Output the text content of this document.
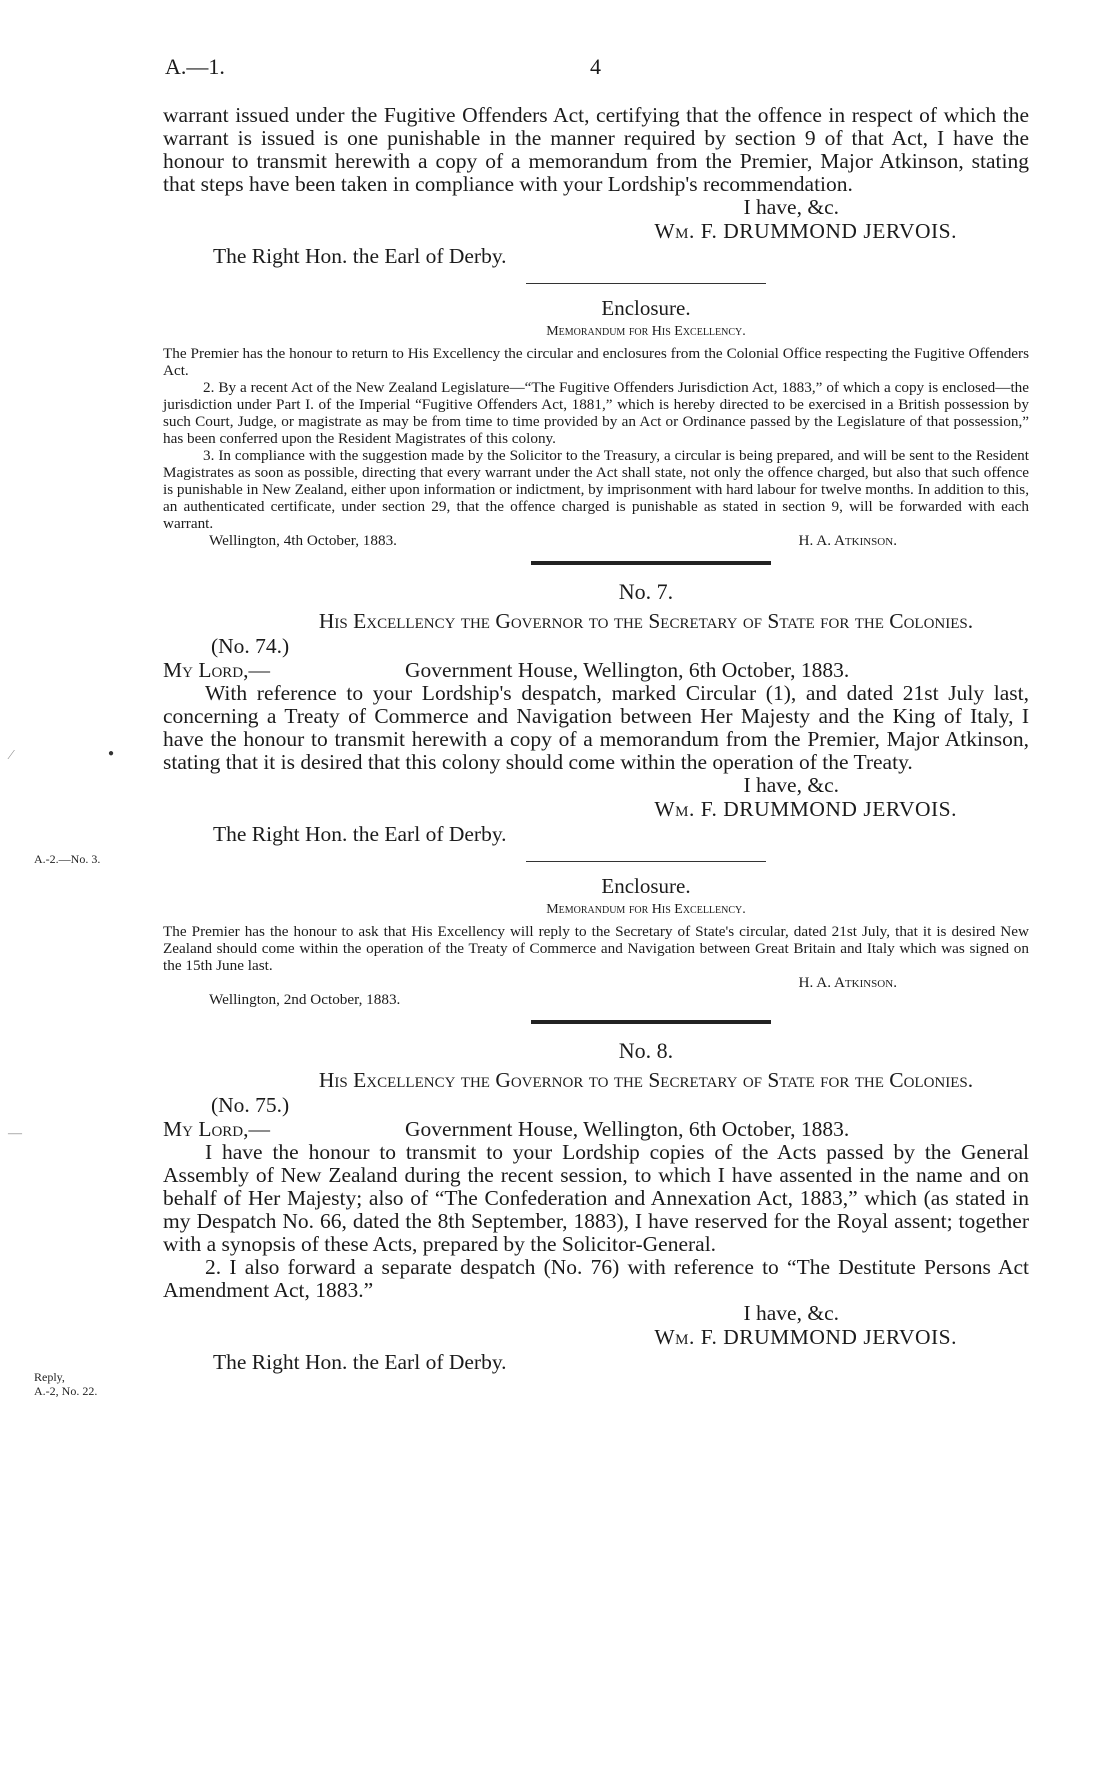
A.—1.	4
⁄	●
—
A.-2.—No. 3.
Reply,
A.-2, No. 22.

warrant issued under the Fugitive Offenders Act, certifying that the offence in respect of which the warrant is issued is one punishable in the manner required by section 9 of that Act, I have the honour to transmit herewith a copy of a memorandum from the Premier, Major Atkinson, stating that steps have been taken in compliance with your Lordship's recommendation.

I have, &c.

Wm. F. DRUMMOND JERVOIS.

The Right Hon. the Earl of Derby.

Enclosure.

Memorandum for His Excellency.

The Premier has the honour to return to His Excellency the circular and enclosures from the Colonial Office respecting the Fugitive Offenders Act.

2. By a recent Act of the New Zealand Legislature—“The Fugitive Offenders Jurisdiction Act, 1883,” of which a copy is enclosed—the jurisdiction under Part I. of the Imperial “Fugitive Offenders Act, 1881,” which is hereby directed to be exercised in a British possession by such Court, Judge, or magistrate as may be from time to time provided by an Act or Ordinance passed by the Legislature of that possession,” has been conferred upon the Resident Magistrates of this colony.

3. In compliance with the suggestion made by the Solicitor to the Treasury, a circular is being prepared, and will be sent to the Resident Magistrates as soon as possible, directing that every warrant under the Act shall state, not only the offence charged, but also that such offence is punishable in New Zealand, either upon information or indictment, by imprisonment with hard labour for twelve months. In addition to this, an authenticated certificate, under section 29, that the offence charged is punishable as stated in section 9, will be forwarded with each warrant.

Wellington, 4th October, 1883.	H. A. Atkinson.

No. 7.

His Excellency the Governor to the Secretary of State for the Colonies.

(No. 74.)

My Lord,—	Government House, Wellington, 6th October, 1883.

With reference to your Lordship's despatch, marked Circular (1), and dated 21st July last, concerning a Treaty of Commerce and Navigation between Her Majesty and the King of Italy, I have the honour to transmit herewith a copy of a memorandum from the Premier, Major Atkinson, stating that it is desired that this colony should come within the operation of the Treaty.

I have, &c.

Wm. F. DRUMMOND JERVOIS.

The Right Hon. the Earl of Derby.

Enclosure.

Memorandum for His Excellency.

The Premier has the honour to ask that His Excellency will reply to the Secretary of State's circular, dated 21st July, that it is desired New Zealand should come within the operation of the Treaty of Commerce and Navigation between Great Britain and Italy which was signed on the 15th June last.

H. A. Atkinson.
Wellington, 2nd October, 1883.

No. 8.

His Excellency the Governor to the Secretary of State for the Colonies.

(No. 75.)

My Lord,—	Government House, Wellington, 6th October, 1883.

I have the honour to transmit to your Lordship copies of the Acts passed by the General Assembly of New Zealand during the recent session, to which I have assented in the name and on behalf of Her Majesty; also of “The Confederation and Annexation Act, 1883,” which (as stated in my Despatch No. 66, dated the 8th September, 1883), I have reserved for the Royal assent; together with a synopsis of these Acts, prepared by the Solicitor-General.

2. I also forward a separate despatch (No. 76) with reference to “The Destitute Persons Act Amendment Act, 1883.”

I have, &c.

Wm. F. DRUMMOND JERVOIS.

The Right Hon. the Earl of Derby.
